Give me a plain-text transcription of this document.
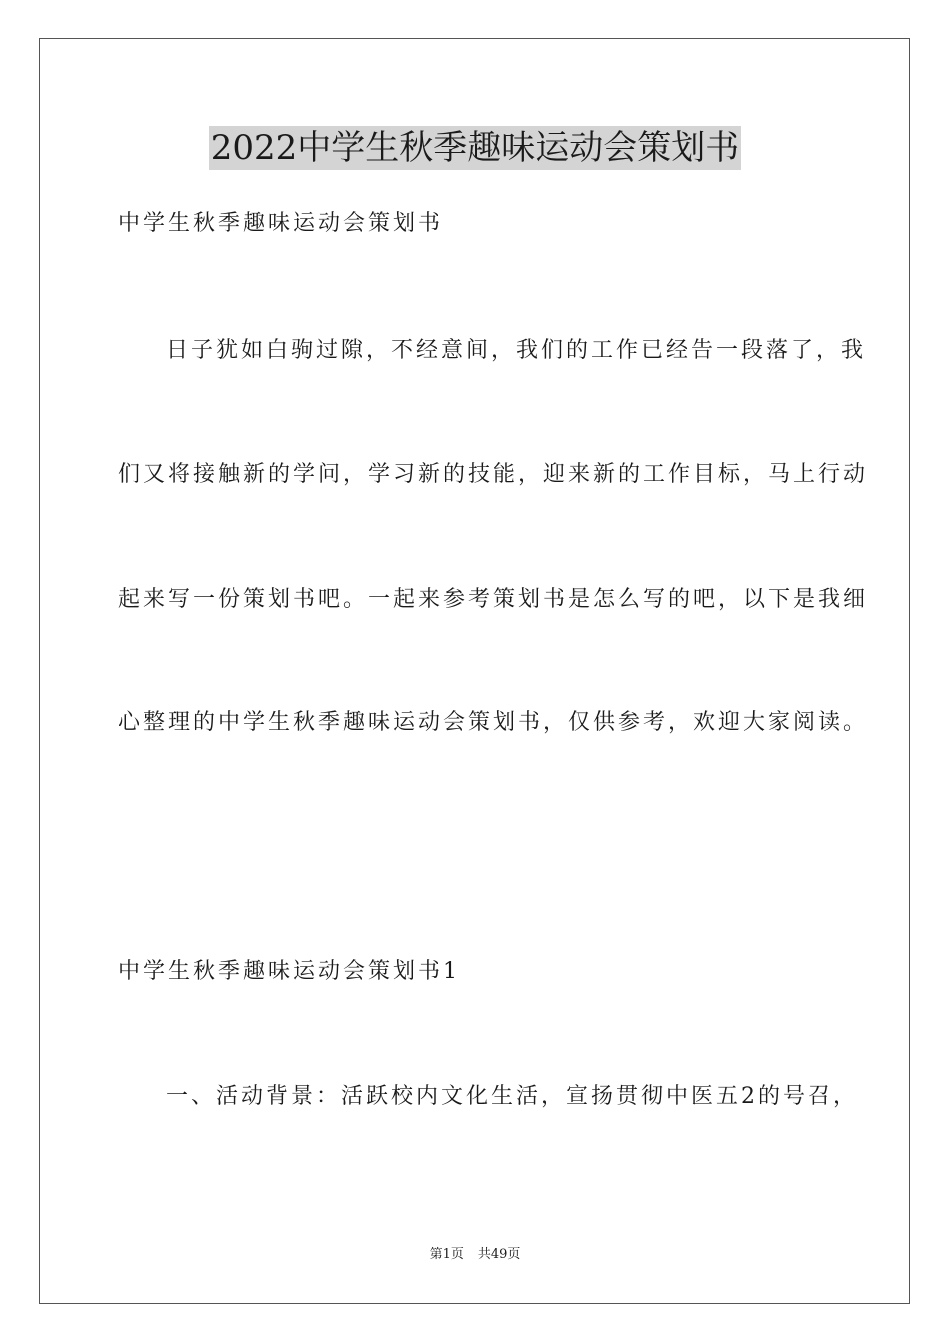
2022中学生秋季趣味运动会策划书
中学生秋季趣味运动会策划书
日子犹如白驹过隙，不经意间，我们的工作已经告一段落了，我
们又将接触新的学问，学习新的技能，迎来新的工作目标，马上行动
起来写一份策划书吧。一起来参考策划书是怎么写的吧，以下是我细
心整理的中学生秋季趣味运动会策划书，仅供参考，欢迎大家阅读。
中学生秋季趣味运动会策划书1
一、活动背景：活跃校内文化生活，宣扬贯彻中医五2的号召，
第1页 共49页
